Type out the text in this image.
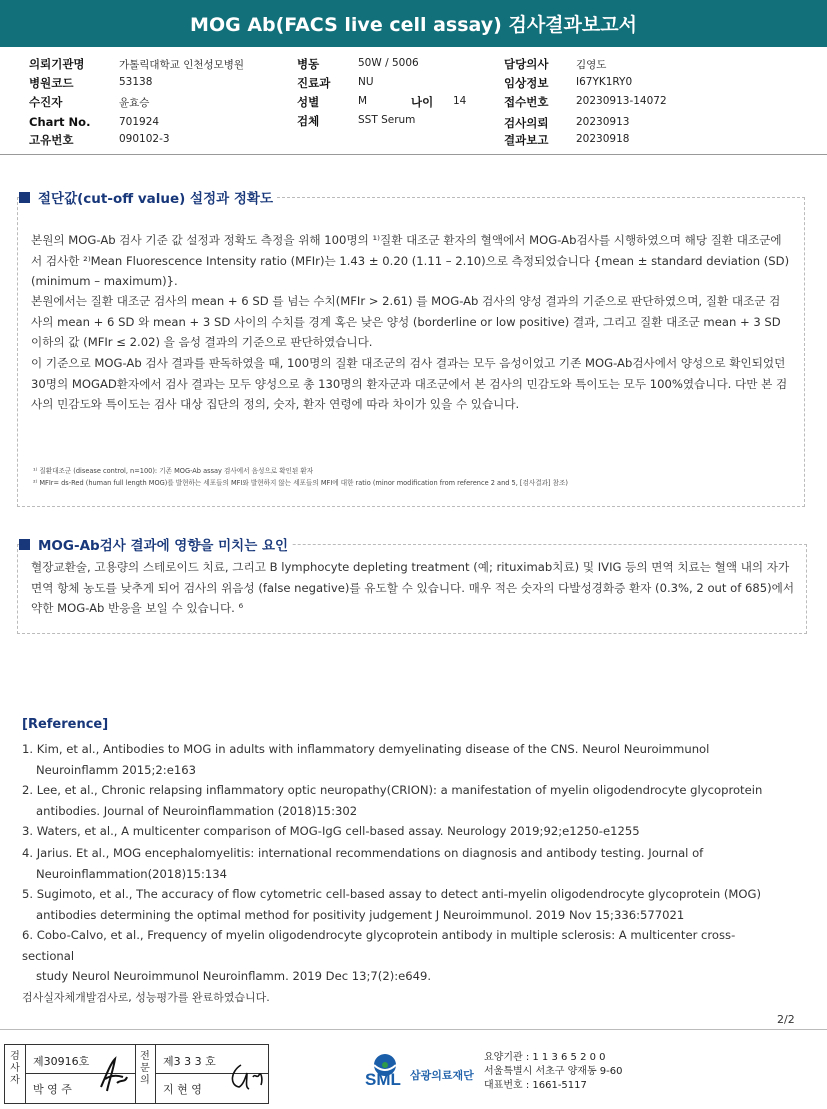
MOG Ab(FACS live cell assay) 검사결과보고서
의뢰기관명	가톨릭대학교 인천성모병원
병원코드	53138
수진자	윤효승
Chart No.	701924
고유번호	090102-3
병동	50W / 5006
진료과	NU
성별	M	나이 14
검체	SST Serum
담당의사	김영도
임상정보	I67YK1RY0
접수번호	20230913-14072
검사의뢰	20230913
결과보고	20230918
절단값(cut-off value) 설정과 정확도
본원의 MOG-Ab 검사 기준 값 설정과 정확도 측정을 위해 100명의 ¹⁾질환 대조군 환자의 혈액에서 MOG-Ab검사를 시행하였으며 해당 질환 대조군에서 검사한 ²⁾Mean Fluorescence Intensity ratio (MFIr)는 1.43 ± 0.20 (1.11 – 2.10)으로 측정되었습니다 {mean ± standard deviation (SD) (minimum – maximum)}.
본원에서는 질환 대조군 검사의 mean + 6 SD 를 넘는 수치(MFIr > 2.61) 를 MOG-Ab 검사의 양성 결과의 기준으로 판단하였으며, 질환 대조군 검사의 mean + 6 SD 와 mean + 3 SD 사이의 수치를 경계 혹은 낮은 양성 (borderline or low positive) 결과, 그리고 질환 대조군 mean + 3 SD 이하의 값 (MFIr ≤ 2.02) 을 음성 결과의 기준으로 판단하였습니다.
이 기준으로 MOG-Ab 검사 결과를 판독하였을 때, 100명의 질환 대조군의 검사 결과는 모두 음성이었고 기존 MOG-Ab검사에서 양성으로 확인되었던 30명의 MOGAD환자에서 검사 결과는 모두 양성으로 총 130명의 환자군과 대조군에서 본 검사의 민감도와 특이도는 모두 100%였습니다. 다만 본 검사의 민감도와 특이도는 검사 대상 집단의 정의, 숫자, 환자 연령에 따라 차이가 있을 수 있습니다.
¹⁾ 질환대조군 (disease control, n=100): 기존 MOG-Ab assay 검사에서 음성으로 확인된 환자
²⁾ MFIr= ds-Red (human full length MOG)를 발현하는 세포들의 MFI와 발현하지 않는 세포들의 MFI에 대한 ratio (minor modification from reference 2 and 5, [검사결과] 참조)
MOG-Ab검사 결과에 영향을 미치는 요인
혈장교환술, 고용량의 스테로이드 치료, 그리고 B lymphocyte depleting treatment (예; rituximab치료) 및 IVIG 등의 면역 치료는 혈액 내의 자가면역 항체 농도를 낮추게 되어 검사의 위음성 (false negative)를 유도할 수 있습니다. 매우 적은 숫자의 다발성경화증 환자 (0.3%, 2 out of 685)에서 약한 MOG-Ab 반응을 보일 수 있습니다. ⁶
[Reference]
1. Kim, et al., Antibodies to MOG in adults with inflammatory demyelinating disease of the CNS. Neurol Neuroimmunol
Neuroinflamm 2015;2:e163
2. Lee, et al., Chronic relapsing inflammatory optic neuropathy(CRION): a manifestation of myelin oligodendrocyte glycoprotein
antibodies. Journal of Neuroinflammation (2018)15:302
3. Waters, et al., A multicenter comparison of MOG-IgG cell-based assay. Neurology 2019;92;e1250-e1255
4. Jarius. Et al., MOG encephalomyelitis: international recommendations on diagnosis and antibody testing. Journal of
Neuroinflammation(2018)15:134
5. Sugimoto, et al., The accuracy of flow cytometric cell-based assay to detect anti-myelin oligodendrocyte glycoprotein (MOG)
antibodies determining the optimal method for positivity judgement J Neuroimmunol. 2019 Nov 15;336:577021
6. Cobo-Calvo, et al., Frequency of myelin oligodendrocyte glycoprotein antibody in multiple sclerosis: A multicenter cross-sectional
study Neurol Neuroimmunol Neuroinflamm. 2019 Dec 13;7(2):e649.
검사실자체개발검사로, 성능평가를 완료하였습니다.
2/2
검사자
제30916호
박 영 주
전문의
제3 3 3 호
지 현 영
SML 삼광의료재단
요양기관 : 1 1 3 6 5 2 0 0
서울특별시 서초구 양재동 9-60
대표번호 : 1661-5117
